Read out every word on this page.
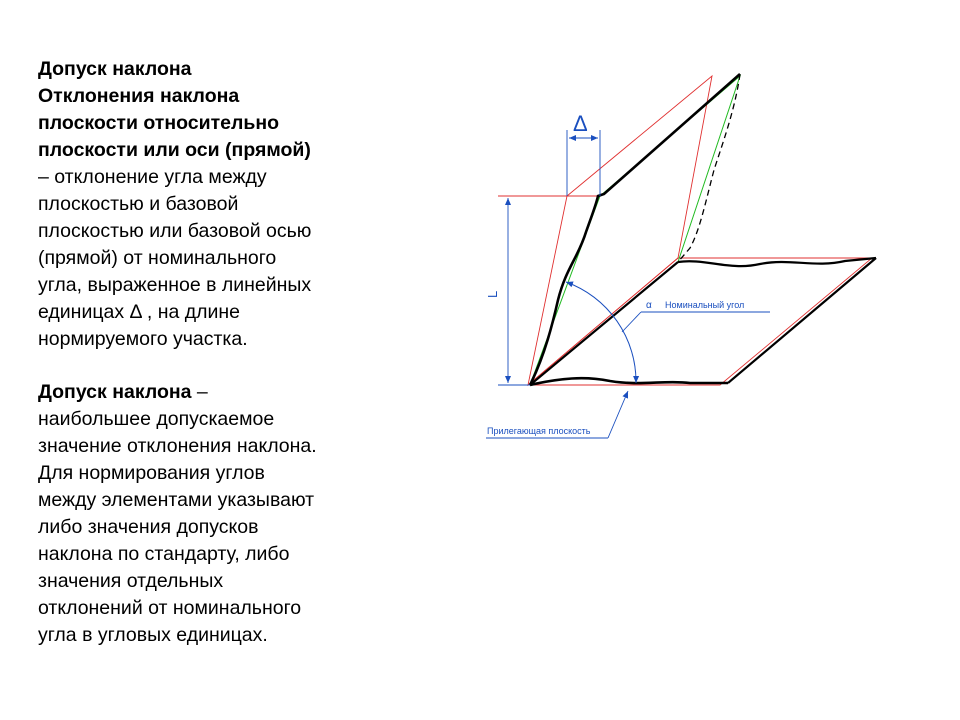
Допуск наклона

Отклонения наклона

плоскости относительно

плоскости или оси (прямой)

– отклонение угла между

плоскостью и базовой

плоскостью или базовой осью

(прямой) от номинального

угла, выраженное в линейных

единицах Δ , на длине

нормируемого участка.

Допуск наклона –

наибольшее допускаемое

значение отклонения наклона.

Для нормирования углов

между элементами указывают

либо значения допусков

наклона по стандарту, либо

значения отдельных

отклонений от номинального

угла в угловых единицах.

L
Δ
α Номинальный угол
Прилегающая плоскость
